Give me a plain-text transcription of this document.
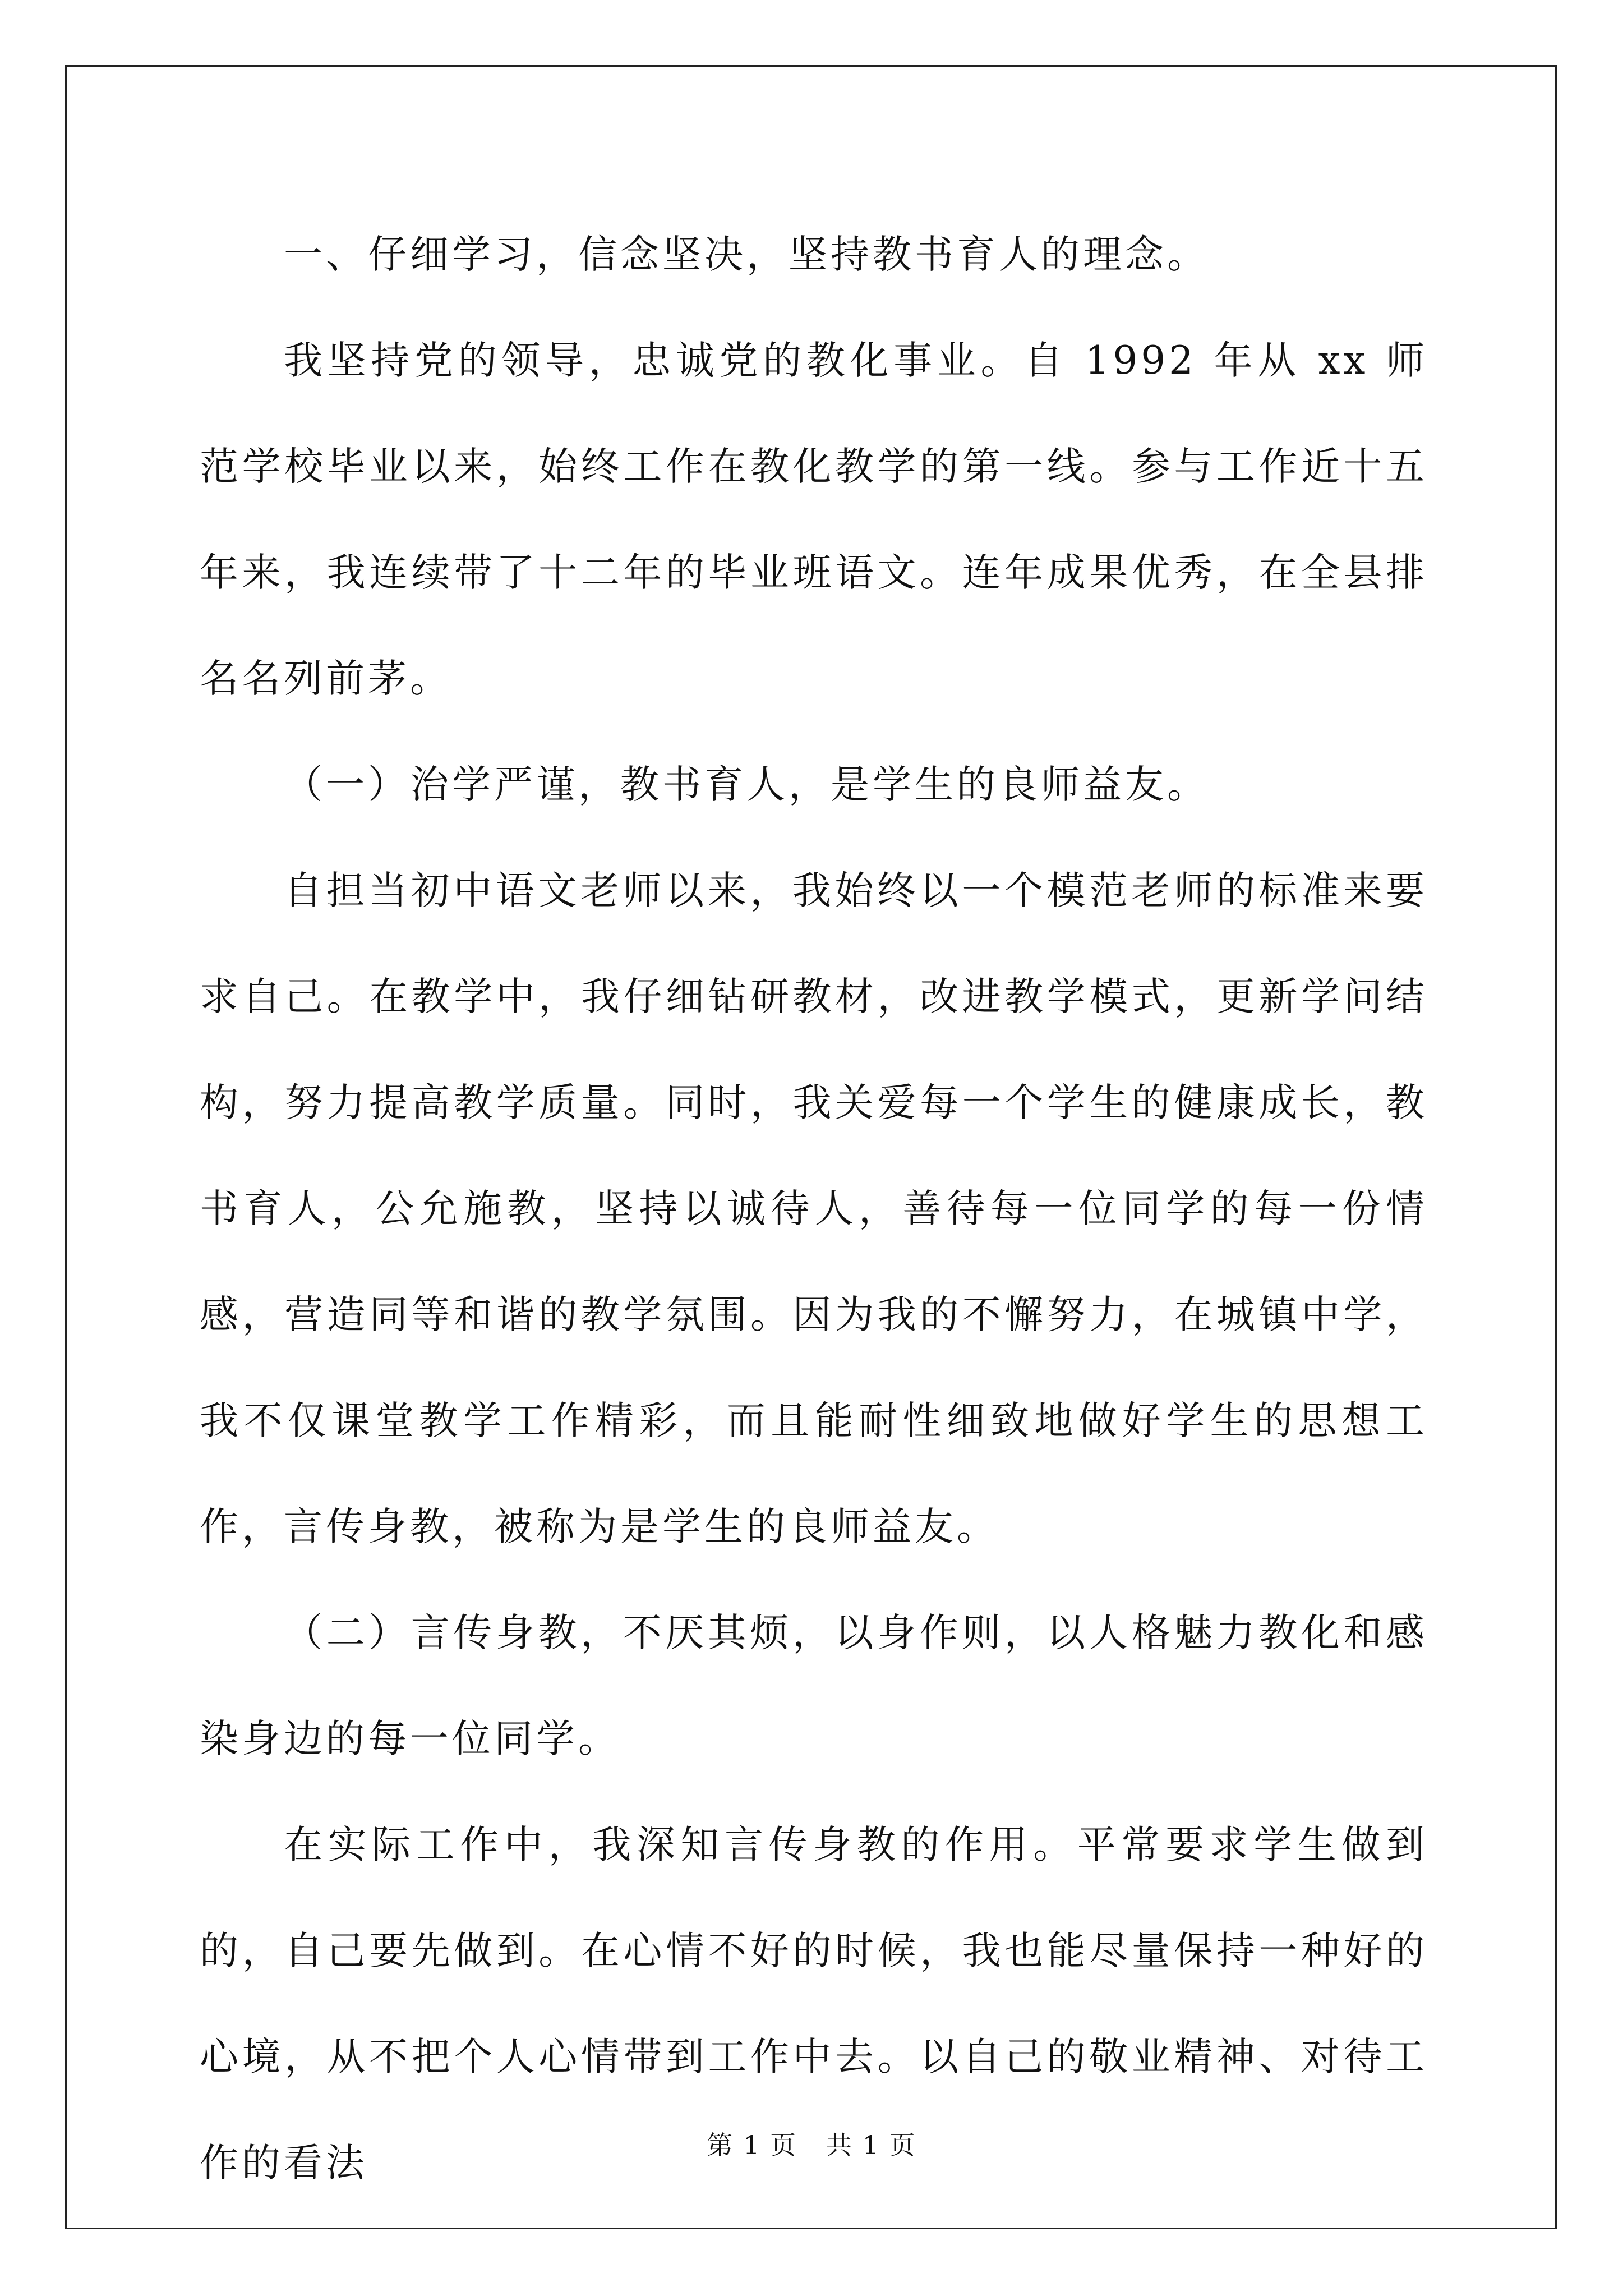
一、仔细学习，信念坚决，坚持教书育人的理念。

我坚持党的领导，忠诚党的教化事业。自 1992 年从 xx 师范学校毕业以来，始终工作在教化教学的第一线。参与工作近十五年来，我连续带了十二年的毕业班语文。连年成果优秀，在全县排名名列前茅。

（一）治学严谨，教书育人，是学生的良师益友。

自担当初中语文老师以来，我始终以一个模范老师的标准来要求自己。在教学中，我仔细钻研教材，改进教学模式，更新学问结构，努力提高教学质量。同时，我关爱每一个学生的健康成长，教书育人，公允施教，坚持以诚待人，善待每一位同学的每一份情感，营造同等和谐的教学氛围。因为我的不懈努力，在城镇中学，我不仅课堂教学工作精彩，而且能耐性细致地做好学生的思想工作，言传身教，被称为是学生的良师益友。

（二）言传身教，不厌其烦，以身作则，以人格魅力教化和感染身边的每一位同学。

在实际工作中，我深知言传身教的作用。平常要求学生做到的，自己要先做到。在心情不好的时候，我也能尽量保持一种好的心境，从不把个人心情带到工作中去。以自己的敬业精神、对待工作的看法	第 1 页 共 1 页
